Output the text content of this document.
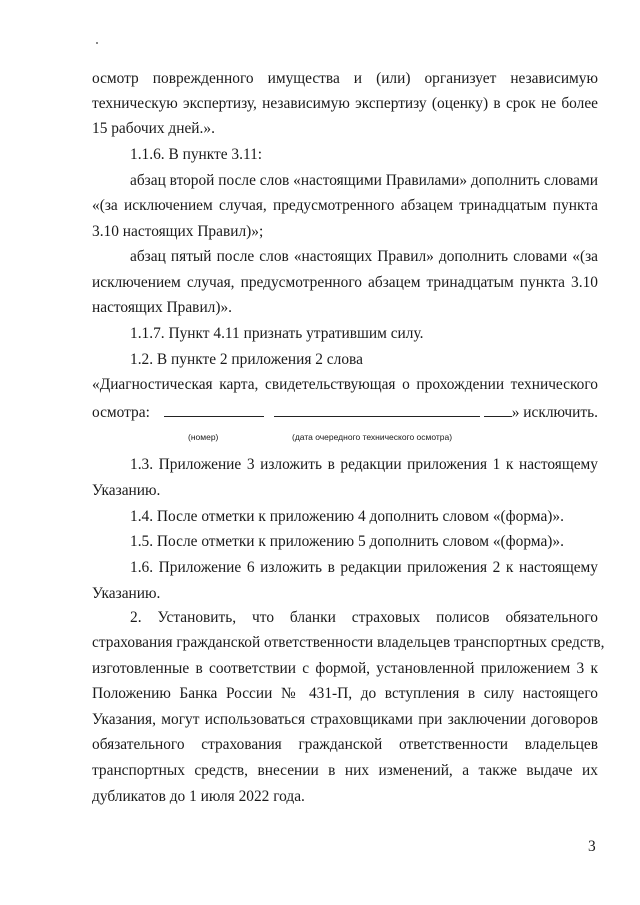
осмотр поврежденного имущества и (или) организует независимую
техническую экспертизу, независимую экспертизу (оценку) в срок не более
15 рабочих дней.».
1.1.6. В пункте 3.11:
абзац второй после слов «настоящими Правилами» дополнить словами
«(за исключением случая, предусмотренного абзацем тринадцатым пункта
3.10 настоящих Правил)»;
абзац пятый после слов «настоящих Правил» дополнить словами «(за
исключением случая, предусмотренного абзацем тринадцатым пункта 3.10
настоящих Правил)».
1.1.7. Пункт 4.11 признать утратившим силу.
1.2. В пункте 2 приложения 2 слова
«Диагностическая карта, свидетельствующая о прохождении технического
осмотра:	» исключить.
(номер)	(дата очередного технического осмотра)
1.3. Приложение 3 изложить в редакции приложения 1 к настоящему
Указанию.
1.4. После отметки к приложению 4 дополнить словом «(форма)».
1.5. После отметки к приложению 5 дополнить словом «(форма)».
1.6. Приложение 6 изложить в редакции приложения 2 к настоящему
Указанию.
2. Установить, что бланки страховых полисов обязательного
страхования гражданской ответственности владельцев транспортных средств,
изготовленные в соответствии с формой, установленной приложением 3 к
Положению Банка России № 431-П, до вступления в силу настоящего
Указания, могут использоваться страховщиками при заключении договоров
обязательного страхования гражданской ответственности владельцев
транспортных средств, внесении в них изменений, а также выдаче их
дубликатов до 1 июля 2022 года.
3
